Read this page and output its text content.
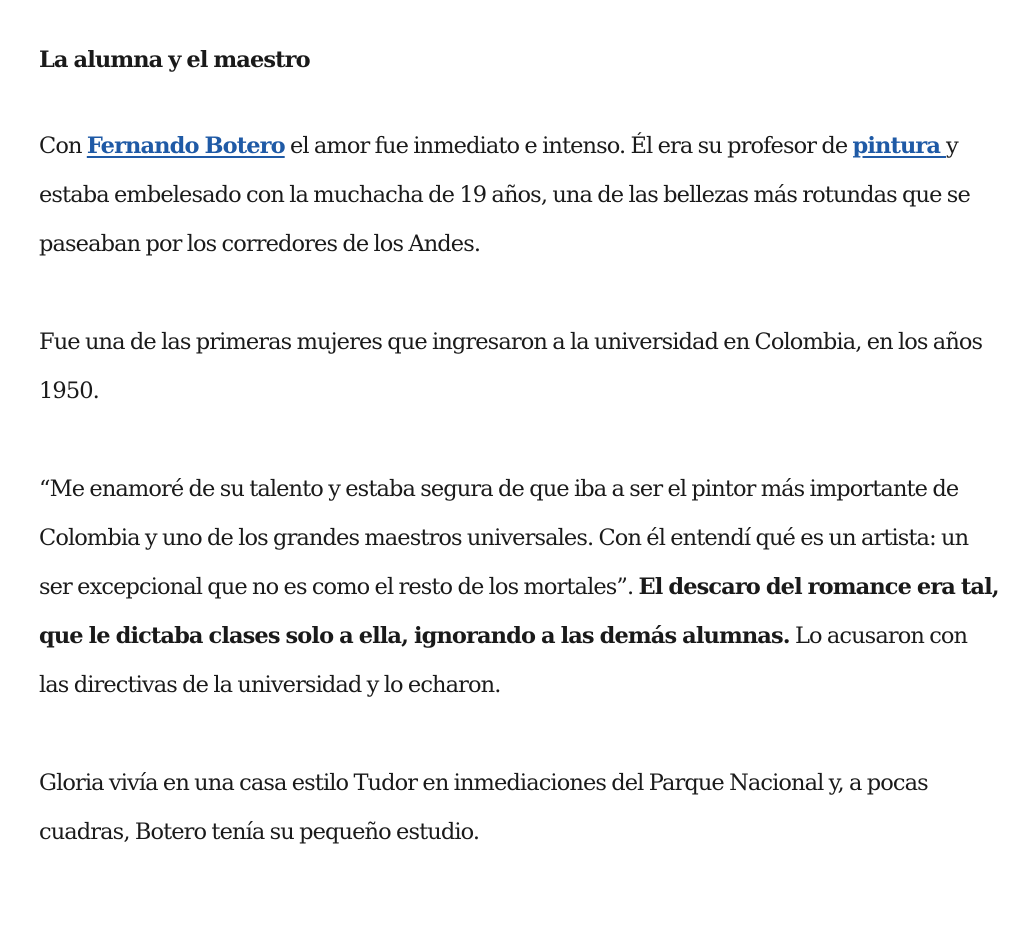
La alumna y el maestro

Con Fernando Botero el amor fue inmediato e intenso. Él era su profesor de pintura y estaba embelesado con la muchacha de 19 años, una de las bellezas más rotundas que se paseaban por los corredores de los Andes.

Fue una de las primeras mujeres que ingresaron a la universidad en Colombia, en los años 1950.

“Me enamoré de su talento y estaba segura de que iba a ser el pintor más importante de Colombia y uno de los grandes maestros universales. Con él entendí qué es un artista: un ser excepcional que no es como el resto de los mortales”. El descaro del romance era tal, que le dictaba clases solo a ella, ignorando a las demás alumnas. Lo acusaron con las directivas de la universidad y lo echaron.

Gloria vivía en una casa estilo Tudor en inmediaciones del Parque Nacional y, a pocas cuadras, Botero tenía su pequeño estudio.
